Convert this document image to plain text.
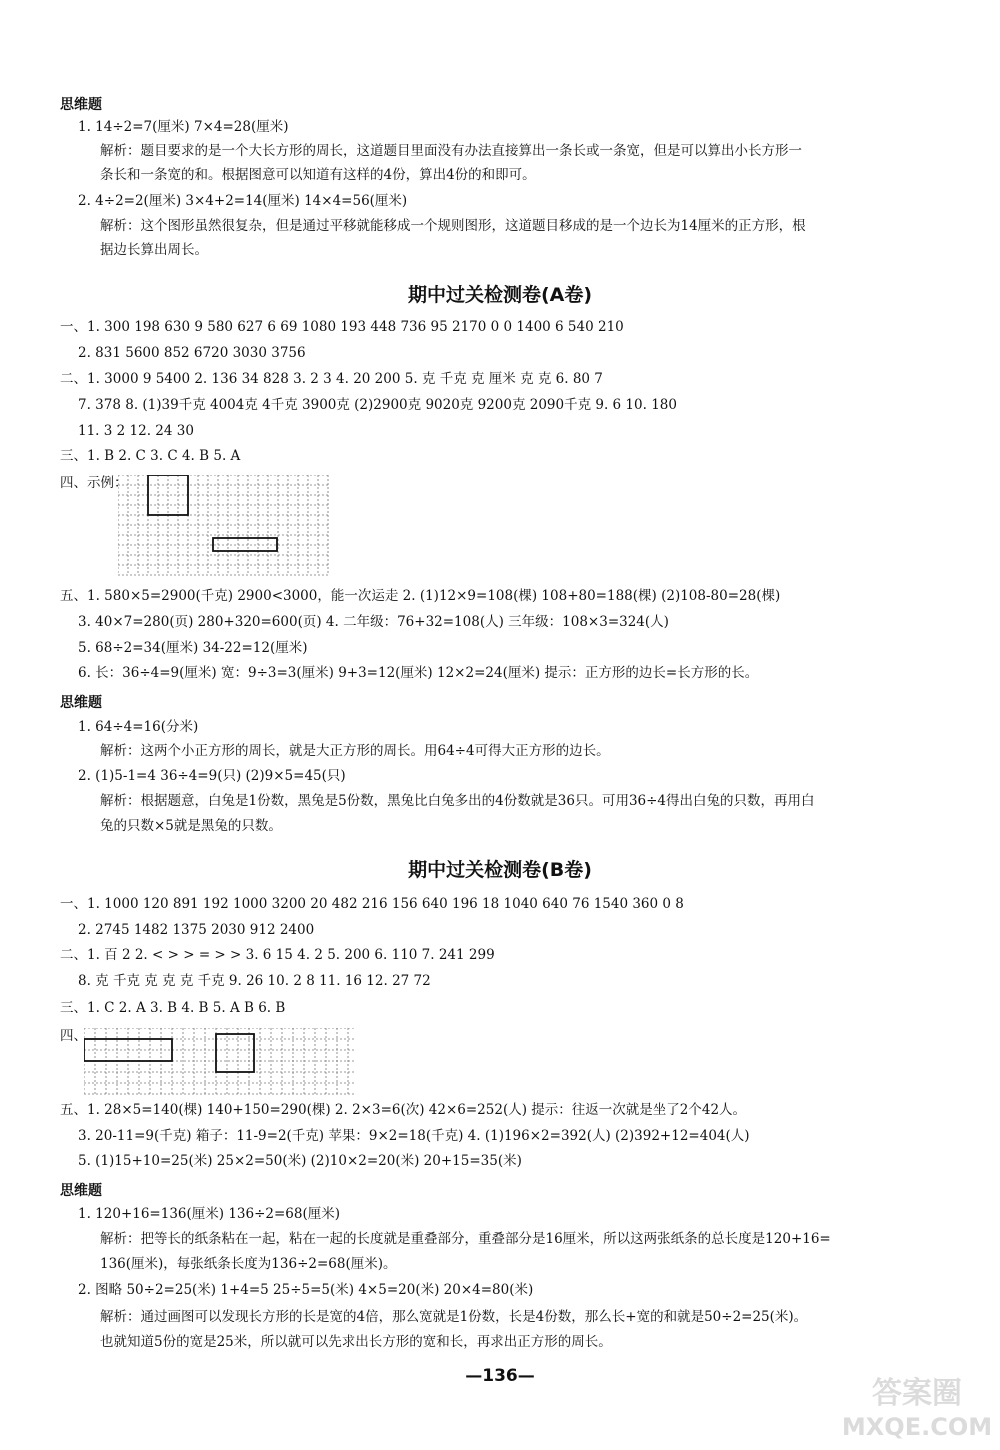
思维题
1. 14÷2=7(厘米) 7×4=28(厘米)
解析：题目要求的是一个大长方形的周长，这道题目里面没有办法直接算出一条长或一条宽，但是可以算出小长方形一
条长和一条宽的和。根据图意可以知道有这样的4份，算出4份的和即可。
2. 4÷2=2(厘米) 3×4+2=14(厘米) 14×4=56(厘米)
解析：这个图形虽然很复杂，但是通过平移就能移成一个规则图形，这道题目移成的是一个边长为14厘米的正方形，根
据边长算出周长。
期中过关检测卷(A卷)
一、1. 300 198 630 9 580 627 6 69 1080 193 448 736 95 2170 0 0 1400 6 540 210
2. 831 5600 852 6720 3030 3756
二、1. 3000 9 5400 2. 136 34 828 3. 2 3 4. 20 200 5. 克 千克 克 厘米 克 克 6. 80 7
7. 378 8. (1)39千克 4004克 4千克 3900克 (2)2900克 9020克 9200克 2090千克 9. 6 10. 180
11. 3 2 12. 24 30
三、1. B 2. C 3. C 4. B 5. A
四、示例：
五、1. 580×5=2900(千克) 2900<3000，能一次运走 2. (1)12×9=108(棵) 108+80=188(棵) (2)108-80=28(棵)
3. 40×7=280(页) 280+320=600(页) 4. 二年级：76+32=108(人) 三年级：108×3=324(人)
5. 68÷2=34(厘米) 34-22=12(厘米)
6. 长：36÷4=9(厘米) 宽：9÷3=3(厘米) 9+3=12(厘米) 12×2=24(厘米) 提示：正方形的边长=长方形的长。
思维题
1. 64÷4=16(分米)
解析：这两个小正方形的周长，就是大正方形的周长。用64÷4可得大正方形的边长。
2. (1)5-1=4 36÷4=9(只) (2)9×5=45(只)
解析：根据题意，白兔是1份数，黑兔是5份数，黑兔比白兔多出的4份数就是36只。可用36÷4得出白兔的只数，再用白
兔的只数×5就是黑兔的只数。
期中过关检测卷(B卷)
一、1. 1000 120 891 192 1000 3200 20 482 216 156 640 196 18 1040 640 76 1540 360 0 8
2. 2745 1482 1375 2030 912 2400
二、1. 百 2 2. < > > = > > 3. 6 15 4. 2 5. 200 6. 110 7. 241 299
8. 克 千克 克 克 克 千克 9. 26 10. 2 8 11. 16 12. 27 72
三、1. C 2. A 3. B 4. B 5. A B 6. B
四、
五、1. 28×5=140(棵) 140+150=290(棵) 2. 2×3=6(次) 42×6=252(人) 提示：往返一次就是坐了2个42人。
3. 20-11=9(千克) 箱子：11-9=2(千克) 苹果：9×2=18(千克) 4. (1)196×2=392(人) (2)392+12=404(人)
5. (1)15+10=25(米) 25×2=50(米) (2)10×2=20(米) 20+15=35(米)
思维题
1. 120+16=136(厘米) 136÷2=68(厘米)
解析：把等长的纸条粘在一起，粘在一起的长度就是重叠部分，重叠部分是16厘米，所以这两张纸条的总长度是120+16=
136(厘米)，每张纸条长度为136÷2=68(厘米)。
2. 图略 50÷2=25(米) 1+4=5 25÷5=5(米) 4×5=20(米) 20×4=80(米)
解析：通过画图可以发现长方形的长是宽的4倍，那么宽就是1份数，长是4份数，那么长+宽的和就是50÷2=25(米)。
也就知道5份的宽是25米，所以就可以先求出长方形的宽和长，再求出正方形的周长。
—136—	答案圈
MXQE.COM
